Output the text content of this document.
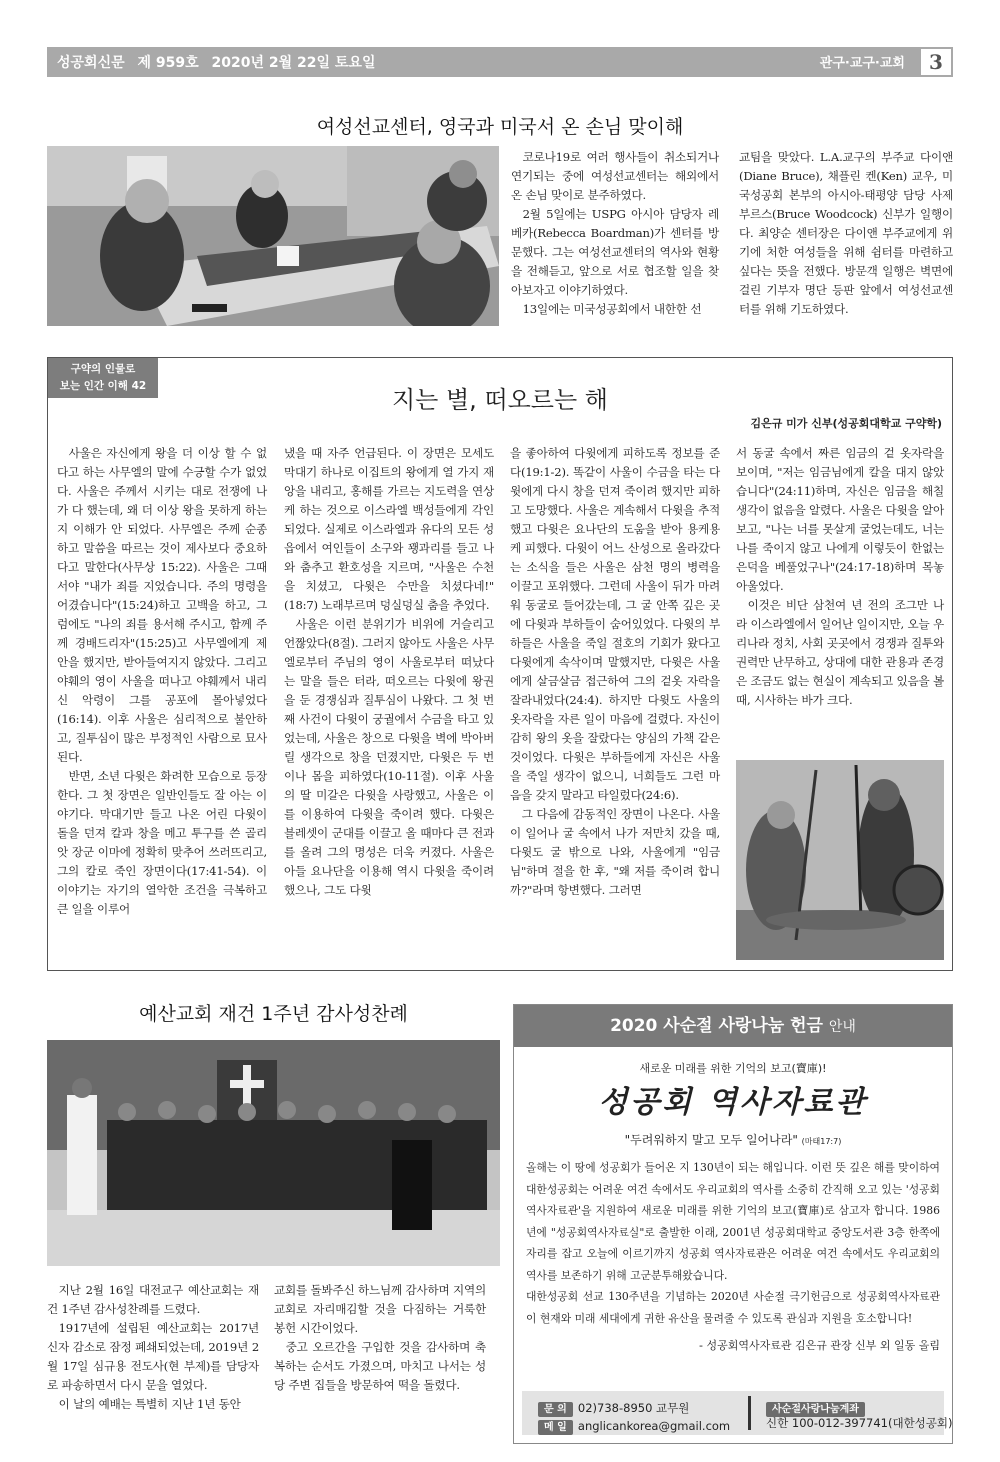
성공회신문 제 959호 2020년 2월 22일 토요일	관구·교구·교회	3
여성선교센터, 영국과 미국서 온 손님 맞이해

코로나19로 여러 행사들이 취소되거나 연기되는 중에 여성선교센터는 해외에서 온 손님 맞이로 분주하였다.

2월 5일에는 USPG 아시아 담당자 레베카(Rebecca Boardman)가 센터를 방문했다. 그는 여성선교센터의 역사와 현황을 전해듣고, 앞으로 서로 협조할 일을 찾아보자고 이야기하였다.

13일에는 미국성공회에서 내한한 선

교팀을 맞았다. L.A.교구의 부주교 다이앤(Diane Bruce), 채플린 켄(Ken) 교우, 미국성공회 본부의 아시아-태평양 담당 사제 부르스(Bruce Woodcock) 신부가 일행이다. 최양순 센터장은 다이앤 부주교에게 위기에 처한 여성들을 위해 쉼터를 마련하고 싶다는 뜻을 전했다. 방문객 일행은 벽면에 걸린 기부자 명단 등판 앞에서 여성선교센터를 위해 기도하였다.

구약의 인물로
보는 인간 이해 42	지는 별, 떠오르는 해
김은규 미가 신부(성공회대학교 구약학)

사울은 자신에게 왕을 더 이상 할 수 없다고 하는 사무엘의 말에 수긍할 수가 없었다. 사울은 주께서 시키는 대로 전쟁에 나가 다 했는데, 왜 더 이상 왕을 못하게 하는지 이해가 안 되었다. 사무엘은 주께 순종하고 말씀을 따르는 것이 제사보다 중요하다고 말한다(사무상 15:22). 사울은 그때서야 "내가 죄를 지었습니다. 주의 명령을 어겼습니다"(15:24)하고 고백을 하고, 그럼에도 "나의 죄를 용서해 주시고, 함께 주께 경배드리자"(15:25)고 사무엘에게 제안을 했지만, 받아들여지지 않았다. 그리고 야훼의 영이 사울을 떠나고 야훼께서 내리신 악령이 그를 공포에 몰아넣었다(16:14). 이후 사울은 심리적으로 불안하고, 질투심이 많은 부정적인 사람으로 묘사된다.

반면, 소년 다윗은 화려한 모습으로 등장한다. 그 첫 장면은 일반인들도 잘 아는 이야기다. 막대기만 들고 나온 어린 다윗이 돌을 던져 칼과 창을 메고 투구를 쓴 골리앗 장군 이마에 정확히 맞추어 쓰러뜨리고, 그의 칼로 죽인 장면이다(17:41-54). 이 이야기는 자기의 열악한 조건을 극복하고 큰 일을 이루어

냈을 때 자주 언급된다. 이 장면은 모세도 막대기 하나로 이집트의 왕에게 열 가지 재앙을 내리고, 홍해를 가르는 지도력을 연상케 하는 것으로 이스라엘 백성들에게 각인되었다. 실제로 이스라엘과 유다의 모든 성읍에서 여인들이 소구와 꽹과리를 들고 나와 춤추고 환호성을 지르며, "사울은 수천을 치셨고, 다윗은 수만을 치셨다네!"(18:7) 노래부르며 덩실덩실 춤을 추었다.

사울은 이런 분위기가 비위에 거슬리고 언짢았다(8절). 그러지 않아도 사울은 사무엘로부터 주님의 영이 사울로부터 떠났다는 말을 들은 터라, 떠오르는 다윗에 왕권을 둔 경쟁심과 질투심이 나왔다. 그 첫 번째 사건이 다윗이 궁궐에서 수금을 타고 있었는데, 사울은 창으로 다윗을 벽에 박아버릴 생각으로 창을 던졌지만, 다윗은 두 번이나 몸을 피하였다(10-11절). 이후 사울의 딸 미갈은 다윗을 사랑했고, 사울은 이를 이용하여 다윗을 죽이려 했다. 다윗은 블레셋이 군대를 이끌고 올 때마다 큰 전과를 올려 그의 명성은 더욱 커졌다. 사울은 아들 요나단을 이용해 역시 다윗을 죽이려 했으나, 그도 다윗

을 좋아하여 다윗에게 피하도록 정보를 준다(19:1-2). 똑같이 사울이 수금을 타는 다윗에게 다시 창을 던져 죽이려 했지만 피하고 도망했다. 사울은 계속해서 다윗을 추적했고 다윗은 요나단의 도움을 받아 용케용케 피했다. 다윗이 어느 산성으로 올라갔다는 소식을 들은 사울은 삼천 명의 병력을 이끌고 포위했다. 그런데 사울이 뒤가 마려워 동굴로 들어갔는데, 그 굴 안쪽 깊은 곳에 다윗과 부하들이 숨어있었다. 다윗의 부하들은 사울을 죽일 절호의 기회가 왔다고 다윗에게 속삭이며 말했지만, 다윗은 사울에게 살금살금 접근하여 그의 겉옷 자락을 잘라내었다(24:4). 하지만 다윗도 사울의 옷자락을 자른 일이 마음에 걸렸다. 자신이 감히 왕의 옷을 잘랐다는 양심의 가책 같은 것이었다. 다윗은 부하들에게 자신은 사울을 죽일 생각이 없으니, 너희들도 그런 마음을 갖지 말라고 타일렀다(24:6).

그 다음에 감동적인 장면이 나온다. 사울이 일어나 굴 속에서 나가 저만치 갔을 때, 다윗도 굴 밖으로 나와, 사울에게 "임금님"하며 절을 한 후, "왜 저를 죽이려 합니까?"라며 항변했다. 그러면

서 동굴 속에서 짜른 임금의 겉 옷자락을 보이며, "저는 임금님에게 칼을 대지 않았습니다"(24:11)하며, 자신은 임금을 해칠 생각이 없음을 알렸다. 사울은 다윗을 알아보고, "나는 너를 못살게 굴었는데도, 너는 나를 죽이지 않고 나에게 이렇듯이 한없는 은덕을 베풀었구나"(24:17-18)하며 목놓아울었다.

이것은 비단 삼천여 년 전의 조그만 나라 이스라엘에서 일어난 일이지만, 오늘 우리나라 정치, 사회 곳곳에서 경쟁과 질투와 권력만 난무하고, 상대에 대한 관용과 존경은 조금도 없는 현실이 계속되고 있음을 볼 때, 시사하는 바가 크다.

예산교회 재건 1주년 감사성찬례

지난 2월 16일 대전교구 예산교회는 재건 1주년 감사성찬례를 드렸다.

1917년에 설립된 예산교회는 2017년 신자 감소로 잠정 폐쇄되었는데, 2019년 2월 17일 심규용 전도사(현 부제)를 담당자로 파송하면서 다시 문을 열었다.

이 날의 예배는 특별히 지난 1년 동안

교회를 돌봐주신 하느님께 감사하며 지역의 교회로 자리매김할 것을 다짐하는 거룩한 봉헌 시간이었다.

중고 오르간을 구입한 것을 감사하며 축복하는 순서도 가졌으며, 마치고 나서는 성당 주변 집들을 방문하여 떡을 돌렸다.

2020 사순절 사랑나눔 헌금 안내
새로운 미래를 위한 기억의 보고(寶庫)!
성공회 역사자료관
"두려워하지 말고 모두 일어나라" (마태17:7)

올해는 이 땅에 성공회가 들어온 지 130년이 되는 해입니다. 이런 뜻 깊은 해를 맞이하여 대한성공회는 어려운 여건 속에서도 우리교회의 역사를 소중히 간직해 오고 있는 '성공회 역사자료관'을 지원하여 새로운 미래를 위한 기억의 보고(寶庫)로 삼고자 합니다. 1986년에 "성공회역사자료실"로 출발한 이래, 2001년 성공회대학교 중앙도서관 3층 한쪽에 자리를 잡고 오늘에 이르기까지 성공회 역사자료관은 어려운 여건 속에서도 우리교회의 역사를 보존하기 위해 고군분투해왔습니다.

대한성공회 선교 130주년을 기념하는 2020년 사순절 극기헌금으로 성공회역사자료관이 현재와 미래 세대에게 귀한 유산을 물려줄 수 있도록 관심과 지원을 호소합니다!

- 성공회역사자료관 김은규 관장 신부 외 일동 올림
문 의 02)738-8950 교무원
메 일 anglicankorea@gmail.com
사순절사랑나눔계좌
신한 100-012-397741(대한성공회)
